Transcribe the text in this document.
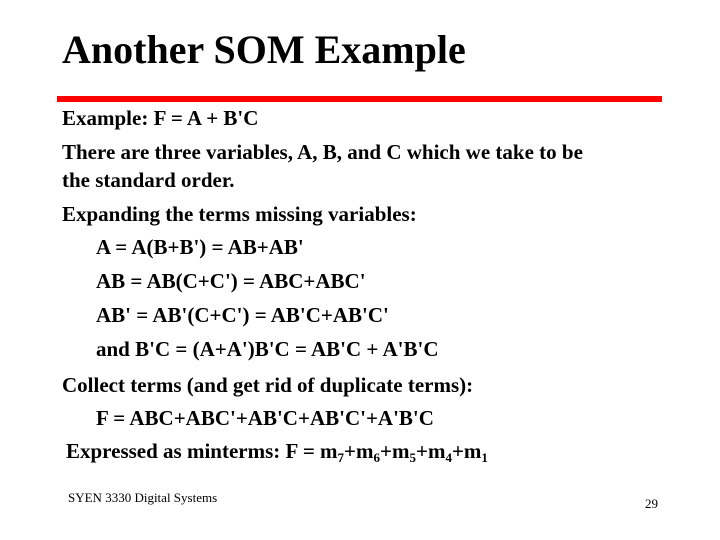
Another SOM Example
Example: F = A + B'C
There are three variables, A, B, and C which we take to be
the standard order.
Expanding the terms missing variables:
A = A(B+B') = AB+AB'
AB = AB(C+C') = ABC+ABC'
AB' = AB'(C+C') = AB'C+AB'C'
and B'C = (A+A')B'C = AB'C + A'B'C
Collect terms (and get rid of duplicate terms):
F = ABC+ABC'+AB'C+AB'C'+A'B'C
Expressed as minterms: $F = m_7+m_6+m_5+m_4+m_1$
SYEN 3330 Digital Systems	29
